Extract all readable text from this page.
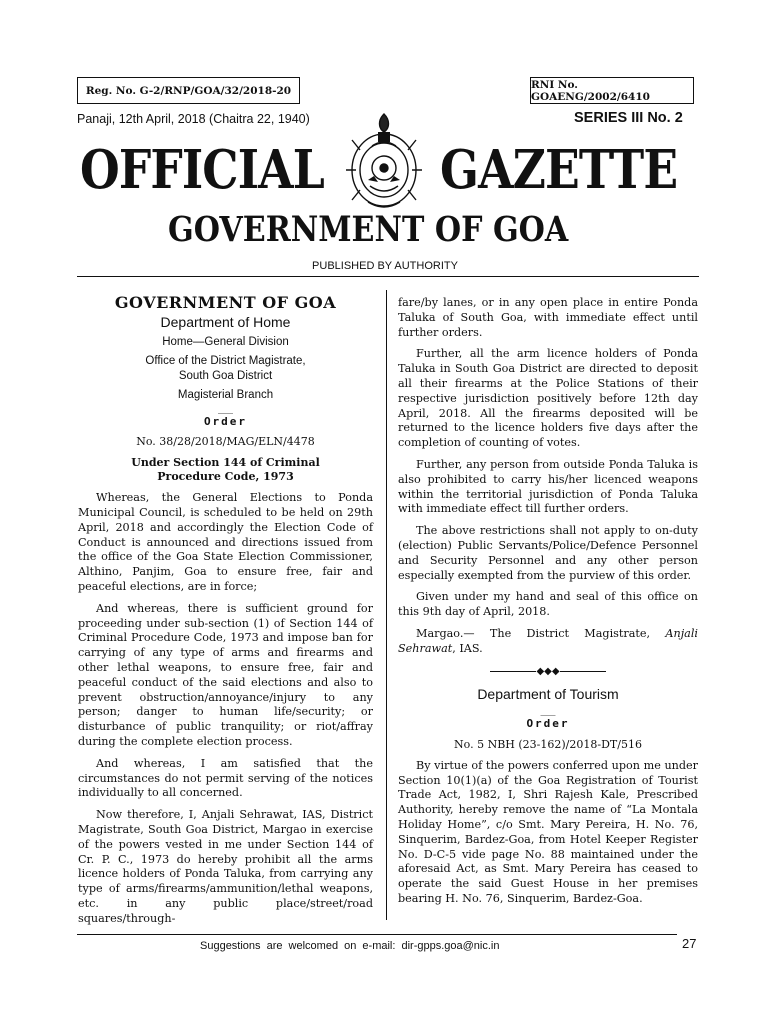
Reg. No. G-2/RNP/GOA/32/2018-20	RNI No. GOAENG/2002/6410
Panaji, 12th April, 2018 (Chaitra 22, 1940)	SERIES III No. 2
OFFICIAL GAZETTE
GOVERNMENT OF GOA
PUBLISHED BY AUTHORITY
GOVERNMENT OF GOA
Department of Home
Home—General Division
Office of the District Magistrate,
South Goa District
Magisterial Branch
___
Order
No. 38/28/2018/MAG/ELN/4478
Under Section 144 of Criminal
Procedure Code, 1973

Whereas, the General Elections to Ponda Municipal Council, is scheduled to be held on 29th April, 2018 and accordingly the Election Code of Conduct is announced and directions issued from the office of the Goa State Election Commissioner, Althino, Panjim, Goa to ensure free, fair and peaceful elections, are in force;

And whereas, there is sufficient ground for proceeding under sub-section (1) of Section 144 of Criminal Procedure Code, 1973 and impose ban for carrying of any type of arms and firearms and other lethal weapons, to ensure free, fair and peaceful conduct of the said elections and also to prevent obstruction/annoyance/injury to any person; danger to human life/security; or disturbance of public tranquility; or riot/affray during the complete election process.

And whereas, I am satisfied that the circumstances do not permit serving of the notices individually to all concerned.

Now therefore, I, Anjali Sehrawat, IAS, District Magistrate, South Goa District, Margao in exercise of the powers vested in me under Section 144 of Cr. P. C., 1973 do hereby prohibit all the arms licence holders of Ponda Taluka, from carrying any type of arms/firearms/ammunition/lethal weapons, etc. in any public place/street/road squares/through-

fare/by lanes, or in any open place in entire Ponda Taluka of South Goa, with immediate effect until further orders.

Further, all the arm licence holders of Ponda Taluka in South Goa District are directed to deposit all their firearms at the Police Stations of their respective jurisdiction positively before 12th day April, 2018. All the firearms deposited will be returned to the licence holders five days after the completion of counting of votes.

Further, any person from outside Ponda Taluka is also prohibited to carry his/her licenced weapons within the territorial jurisdiction of Ponda Taluka with immediate effect till further orders.

The above restrictions shall not apply to on-duty (election) Public Servants/Police/Defence Personnel and Security Personnel and any other person especially exempted from the purview of this order.

Given under my hand and seal of this office on this 9th day of April, 2018.

Margao.— The District Magistrate, Anjali Sehrawat, IAS.

◆◆◆
Department of Tourism
___
Order
No. 5 NBH (23-162)/2018-DT/516

By virtue of the powers conferred upon me under Section 10(1)(a) of the Goa Registration of Tourist Trade Act, 1982, I, Shri Rajesh Kale, Prescribed Authority, hereby remove the name of “La Montala Holiday Home”, c/o Smt. Mary Pereira, H. No. 76, Sinquerim, Bardez-Goa, from Hotel Keeper Register No. D-C-5 vide page No. 88 maintained under the aforesaid Act, as Smt. Mary Pereira has ceased to operate the said Guest House in her premises bearing H. No. 76, Sinquerim, Bardez-Goa.

Suggestions are welcomed on e-mail: dir-gpps.goa@nic.in	27
